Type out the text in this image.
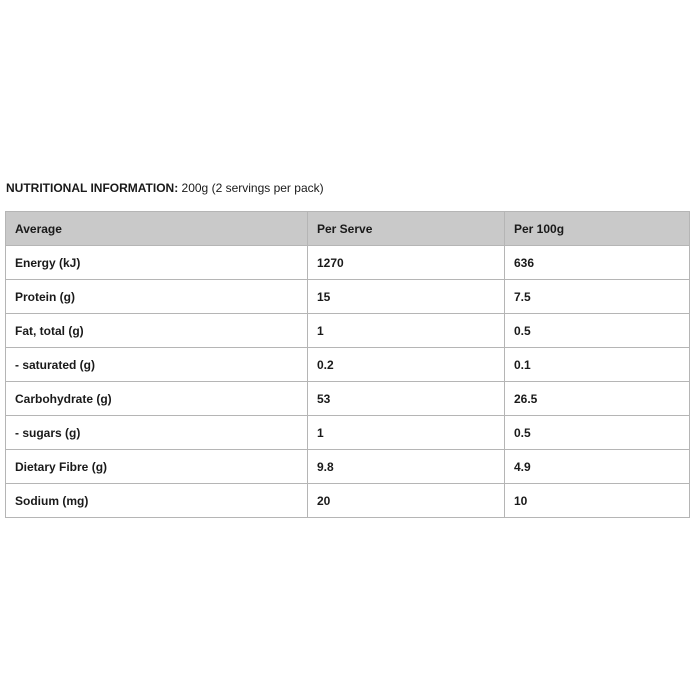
NUTRITIONAL INFORMATION: 200g (2 servings per pack)
Average	Per Serve	Per 100g
Energy (kJ)	1270	636
Protein (g)	15	7.5
Fat, total (g)	1	0.5
- saturated (g)	0.2	0.1
Carbohydrate (g)	53	26.5
- sugars (g)	1	0.5
Dietary Fibre (g)	9.8	4.9
Sodium (mg)	20	10
